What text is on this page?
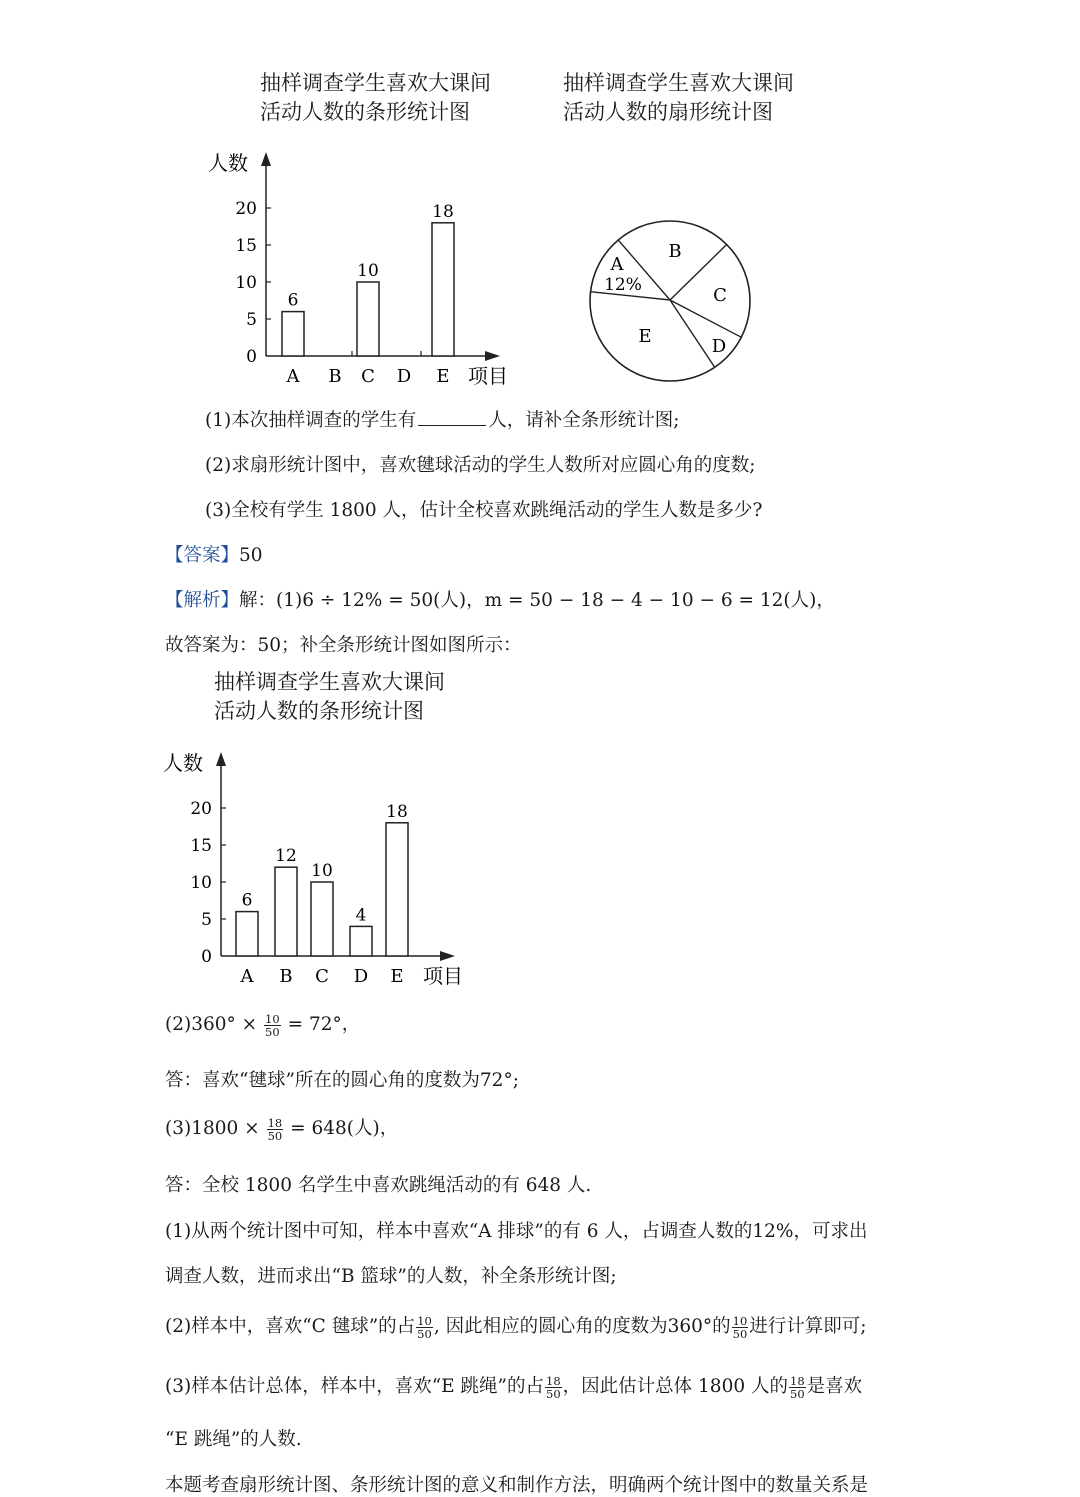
抽样调查学生喜欢大课间
活动人数的条形统计图
抽样调查学生喜欢大课间
活动人数的扇形统计图
人数
项目
0
5
10
15
20
A
6
B C
10
D E
18
A
B
C
D
E
12%
(1)本次抽样调查的学生有	人，请补全条形统计图;
(2)求扇形统计图中，喜欢毽球活动的学生人数所对应圆心角的度数;
(3)全校有学生 1800 人，估计全校喜欢跳绳活动的学生人数是多少?
【答案】50
【解析】解：(1)6 ÷ 12% = 50(人)，m = 50 − 18 − 4 − 10 − 6 = 12(人)，
故答案为：50；补全条形统计图如图所示：
抽样调查学生喜欢大课间
活动人数的条形统计图
人数
项目
0
5
10
15
20
A
6
B
12
C
10
D
4
E
18
$(2)360^\circ \times \frac{10}{50} = 72^\circ$，
答：喜欢“毽球”所在的圆心角的度数为72°;
$(3)1800 \times \frac{18}{50} = 648$(人)，
答：全校 1800 名学生中喜欢跳绳活动的有 648 人.
(1)从两个统计图中可知，样本中喜欢“A 排球”的有 6 人，占调查人数的12%，可求出
调查人数，进而求出“B 篮球”的人数，补全条形统计图;
(2)样本中，喜欢“C 毽球”的占 $\frac{10}{50}$ , 因此相应的圆心角的度数为360°的 $\frac{10}{50}$ 进行计算即可;
(3)样本估计总体，样本中，喜欢“E 跳绳”的占 $\frac{18}{50}$ ，因此估计总体 1800 人的 $\frac{18}{50}$ 是喜欢
“E 跳绳”的人数.
本题考查扇形统计图、条形统计图的意义和制作方法，明确两个统计图中的数量关系是
